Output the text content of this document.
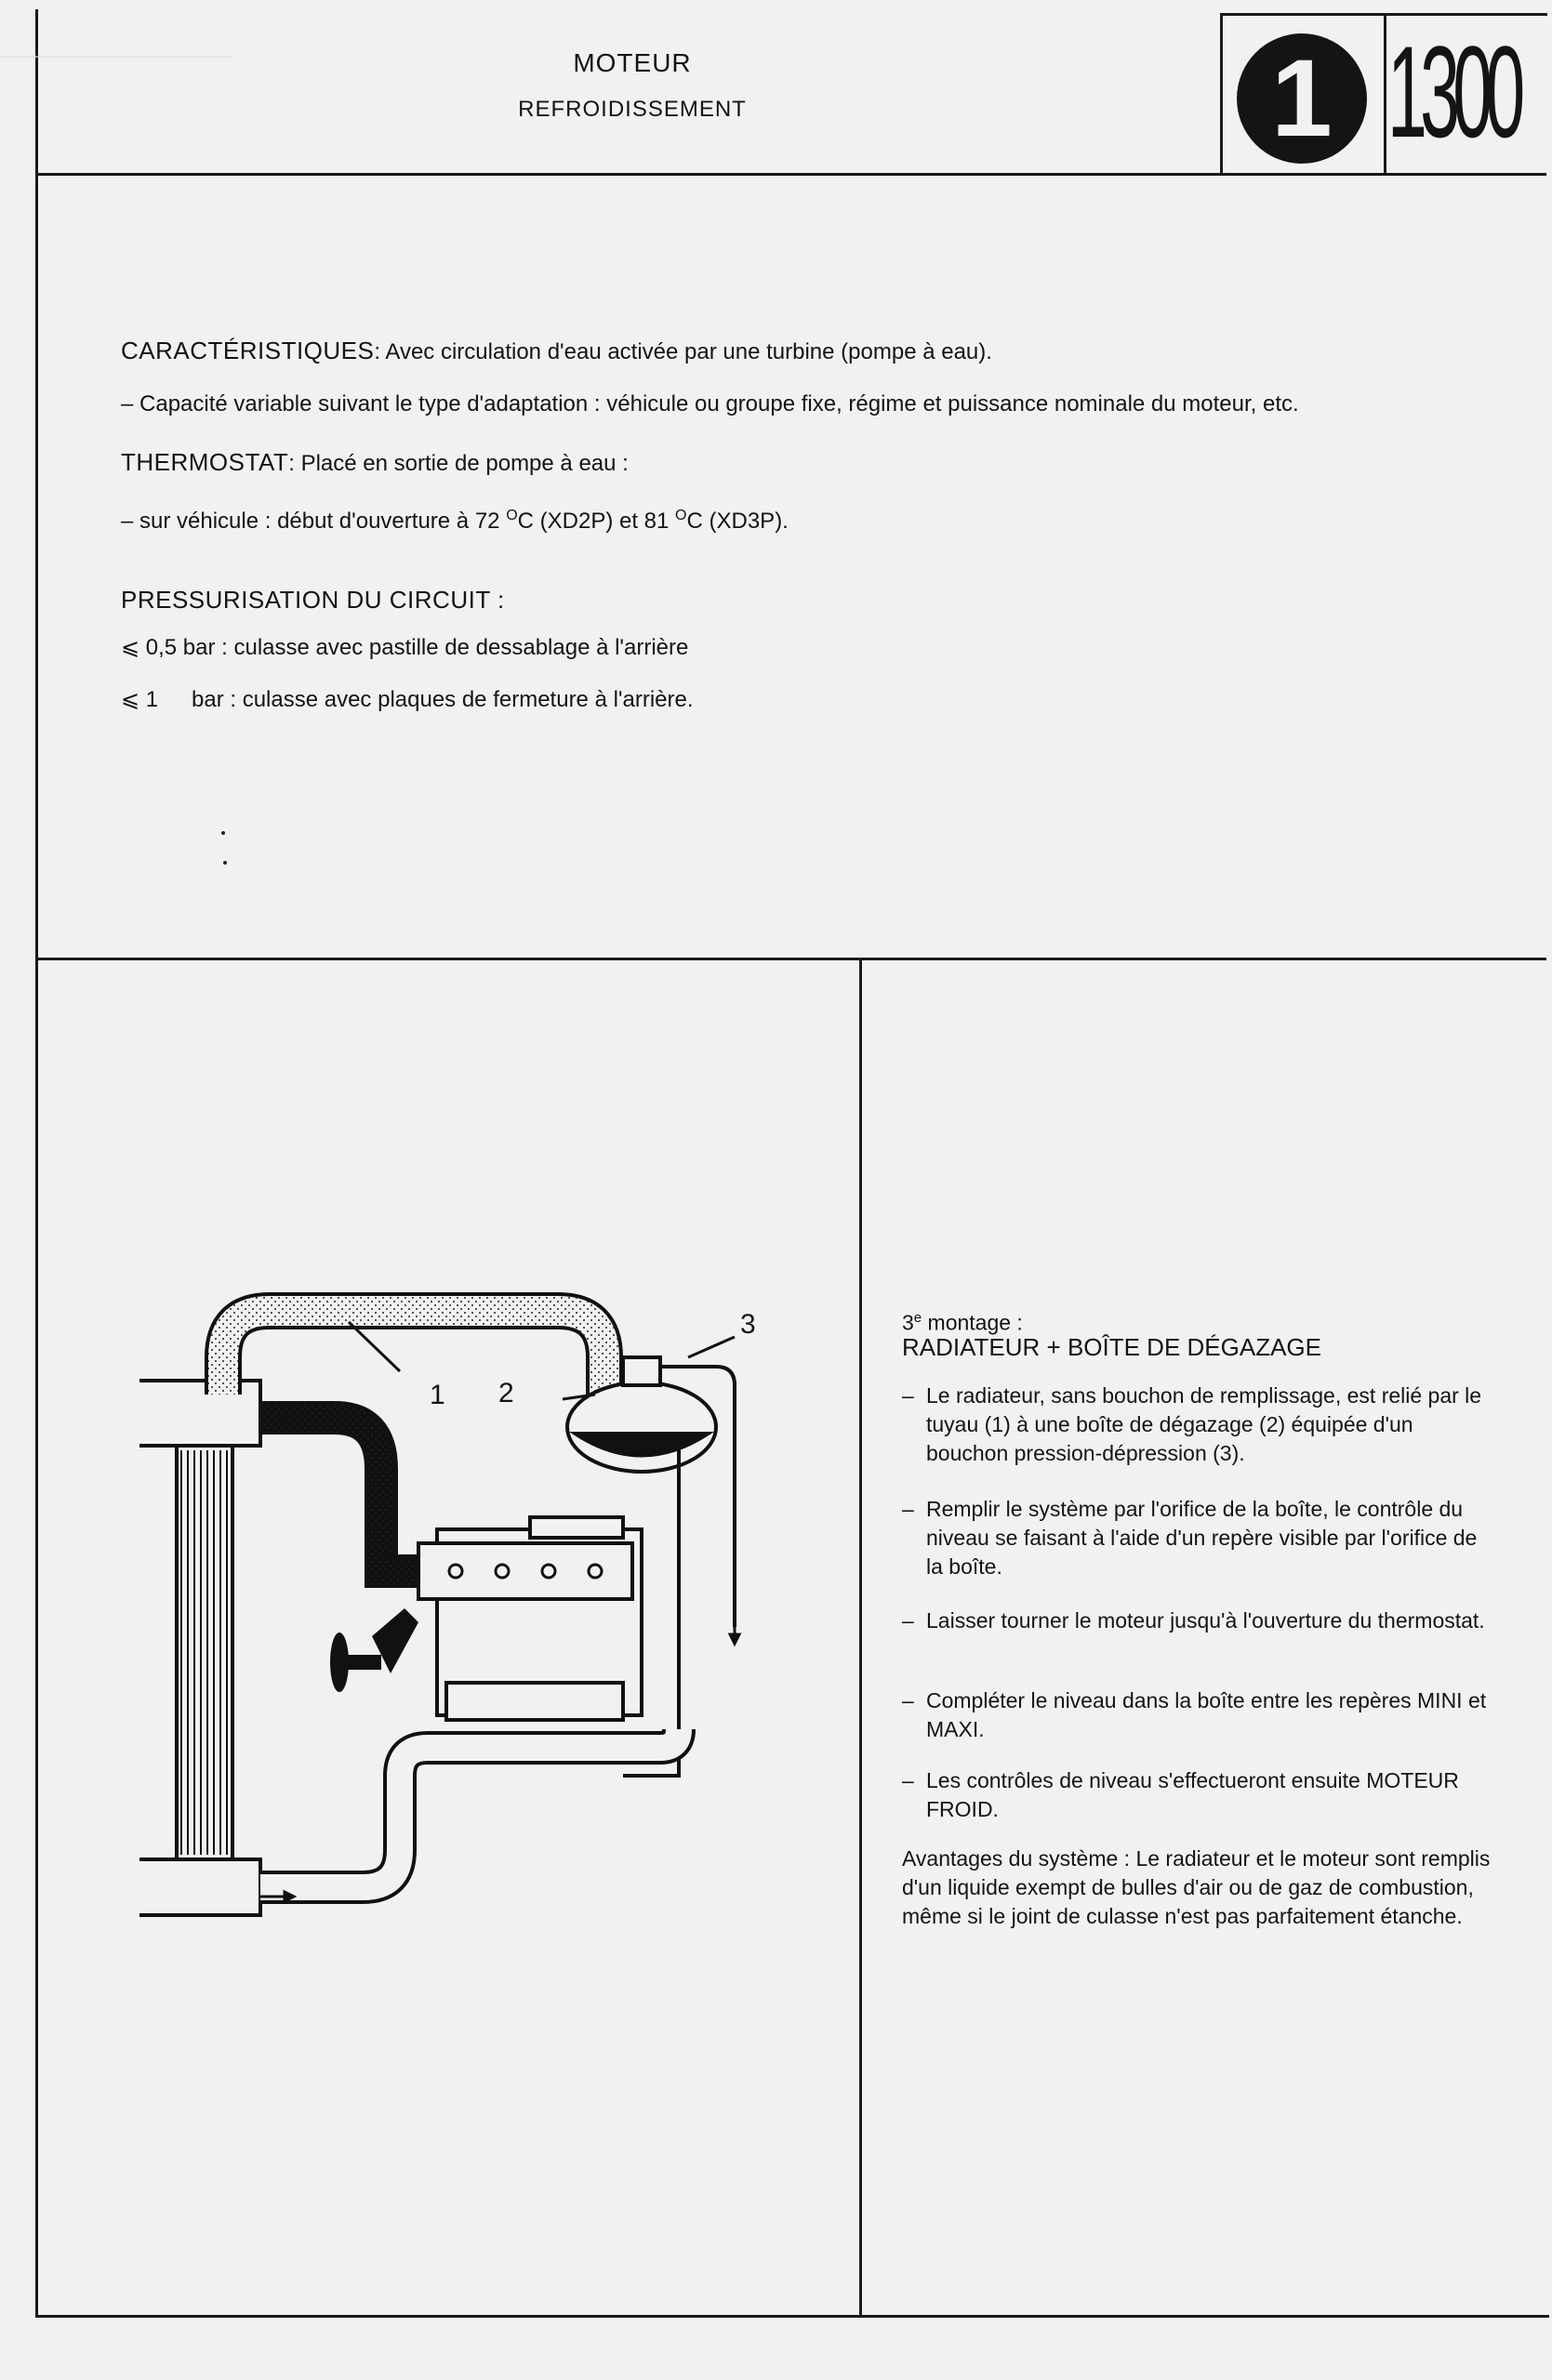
MOTEUR
REFROIDISSEMENT	1 1300
CARACTÉRISTIQUES: Avec circulation d'eau activée par une turbine (pompe à eau).
– Capacité variable suivant le type d'adaptation : véhicule ou groupe fixe, régime et puissance nominale du moteur, etc.
THERMOSTAT: Placé en sortie de pompe à eau :
– sur véhicule : début d'ouverture à 72 $^O$C (XD2P) et 81 $^O$C (XD3P).
PRESSURISATION DU CIRCUIT :
⩽ 0,5 bar : culasse avec pastille de dessablage à l'arrière
⩽ 1 bar : culasse avec plaques de fermeture à l'arrière.
1 2
3	3e montage :
RADIATEUR + BOÎTE DE DÉGAZAGE
– Le radiateur, sans bouchon de remplissage, est relié par le tuyau (1) à une boîte de dégazage (2) équipée d'un bouchon pression-dépression (3).
– Remplir le système par l'orifice de la boîte, le contrôle du niveau se faisant à l'aide d'un repère visible par l'orifice de la boîte.
– Laisser tourner le moteur jusqu'à l'ouverture du thermostat.
– Compléter le niveau dans la boîte entre les repères MINI et MAXI.
– Les contrôles de niveau s'effectueront ensuite MOTEUR FROID.
Avantages du système : Le radiateur et le moteur sont remplis d'un liquide exempt de bulles d'air ou de gaz de combustion, même si le joint de culasse n'est pas parfaitement étanche.
